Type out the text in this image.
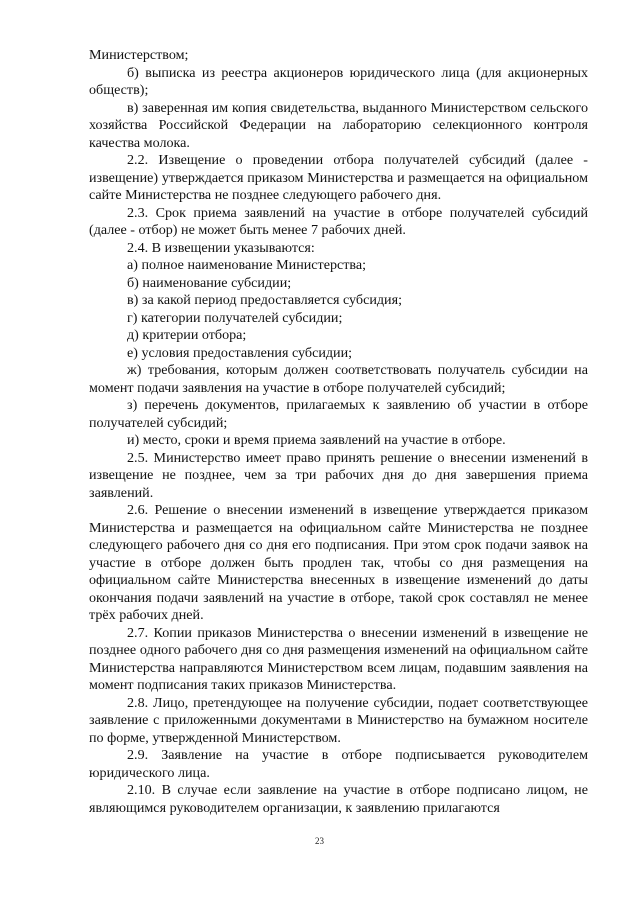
Министерством;

б) выписка из реестра акционеров юридического лица (для акционерных обществ);

в) заверенная им копия свидетельства, выданного Министерством сельского хозяйства Российской Федерации на лабораторию селекционного контроля качества молока.

2.2. Извещение о проведении отбора получателей субсидий (далее - извещение) утверждается приказом Министерства и размещается на официальном сайте Министерства не позднее следующего рабочего дня.

2.3. Срок приема заявлений на участие в отборе получателей субсидий (далее - отбор) не может быть менее 7 рабочих дней.

2.4. В извещении указываются:

а) полное наименование Министерства;

б) наименование субсидии;

в) за какой период предоставляется субсидия;

г) категории получателей субсидии;

д) критерии отбора;

е) условия предоставления субсидии;

ж) требования, которым должен соответствовать получатель субсидии на момент подачи заявления на участие в отборе получателей субсидий;

з) перечень документов, прилагаемых к заявлению об участии в отборе получателей субсидий;

и) место, сроки и время приема заявлений на участие в отборе.

2.5. Министерство имеет право принять решение о внесении изменений в извещение не позднее, чем за три рабочих дня до дня завершения приема заявлений.

2.6. Решение о внесении изменений в извещение утверждается приказом Министерства и размещается на официальном сайте Министерства не позднее следующего рабочего дня со дня его подписания. При этом срок подачи заявок на участие в отборе должен быть продлен так, чтобы со дня размещения на официальном сайте Министерства внесенных в извещение изменений до даты окончания подачи заявлений на участие в отборе, такой срок составлял не менее трёх рабочих дней.

2.7. Копии приказов Министерства о внесении изменений в извещение не позднее одного рабочего дня со дня размещения изменений на официальном сайте Министерства направляются Министерством всем лицам, подавшим заявления на момент подписания таких приказов Министерства.

2.8. Лицо, претендующее на получение субсидии, подает соответствующее заявление с приложенными документами в Министерство на бумажном носителе по форме, утвержденной Министерством.

2.9. Заявление на участие в отборе подписывается руководителем юридического лица.

2.10. В случае если заявление на участие в отборе подписано лицом, не являющимся руководителем организации, к заявлению прилагаются

23
